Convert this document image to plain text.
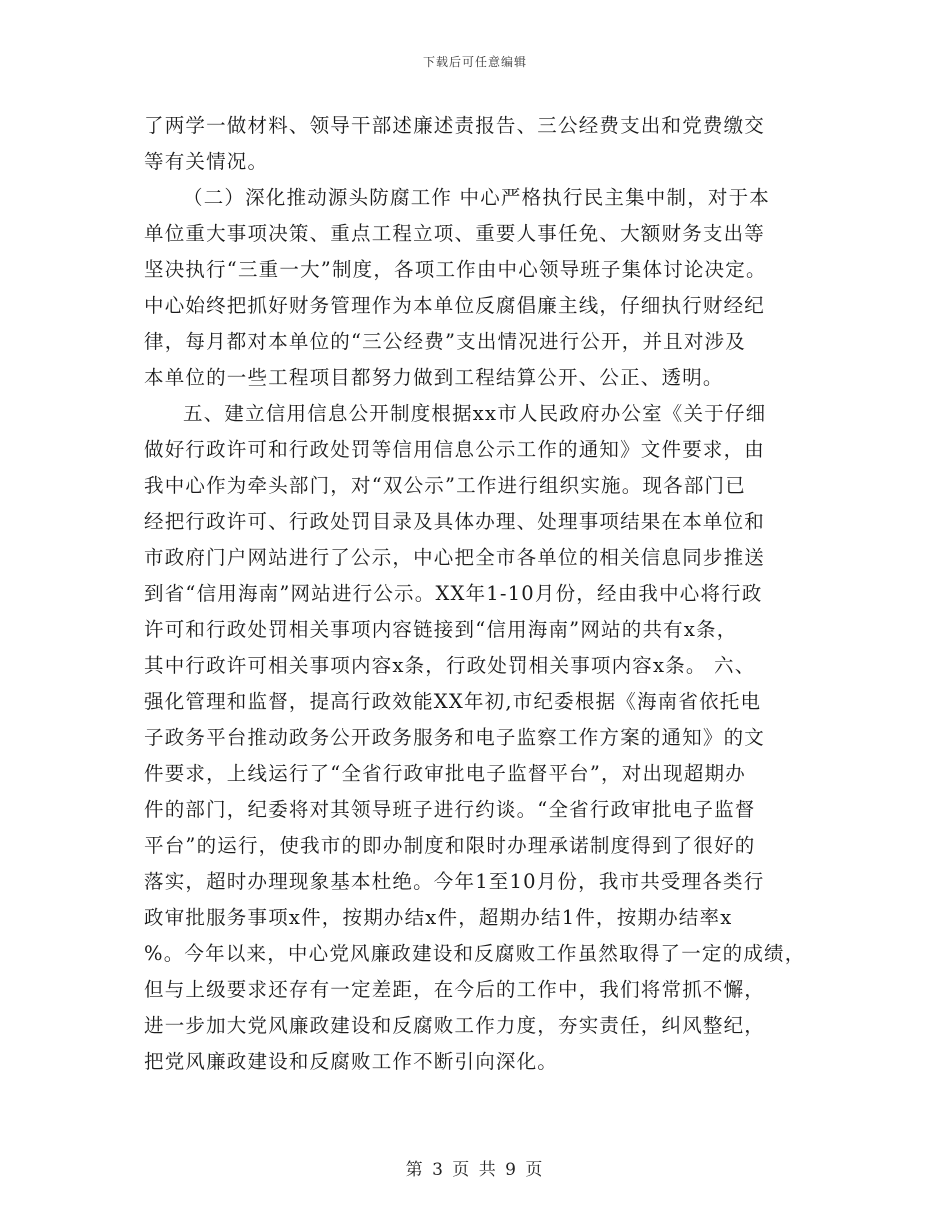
下载后可任意编辑
了两学一做材料、领导干部述廉述责报告、三公经费支出和党费缴交
等有关情况。
（二）深化推动源头防腐工作 中心严格执行民主集中制，对于本
单位重大事项决策、重点工程立项、重要人事任免、大额财务支出等
坚决执行“三重一大”制度，各项工作由中心领导班子集体讨论决定。
中心始终把抓好财务管理作为本单位反腐倡廉主线，仔细执行财经纪
律，每月都对本单位的“三公经费”支出情况进行公开，并且对涉及
本单位的一些工程项目都努力做到工程结算公开、公正、透明。
五、建立信用信息公开制度根据xx市人民政府办公室《关于仔细
做好行政许可和行政处罚等信用信息公示工作的通知》文件要求，由
我中心作为牵头部门，对“双公示”工作进行组织实施。现各部门已
经把行政许可、行政处罚目录及具体办理、处理事项结果在本单位和
市政府门户网站进行了公示，中心把全市各单位的相关信息同步推送
到省“信用海南”网站进行公示。XX年1-10月份，经由我中心将行政
许可和行政处罚相关事项内容链接到“信用海南”网站的共有x条，
其中行政许可相关事项内容x条，行政处罚相关事项内容x条。 六、
强化管理和监督，提高行政效能XX年初,市纪委根据《海南省依托电
子政务平台推动政务公开政务服务和电子监察工作方案的通知》的文
件要求，上线运行了“全省行政审批电子监督平台”，对出现超期办
件的部门，纪委将对其领导班子进行约谈。“全省行政审批电子监督
平台”的运行，使我市的即办制度和限时办理承诺制度得到了很好的
落实，超时办理现象基本杜绝。今年1至10月份，我市共受理各类行
政审批服务事项x件，按期办结x件，超期办结1件，按期办结率x
%。今年以来，中心党风廉政建设和反腐败工作虽然取得了一定的成绩，
但与上级要求还存有一定差距，在今后的工作中，我们将常抓不懈，
进一步加大党风廉政建设和反腐败工作力度，夯实责任，纠风整纪，
把党风廉政建设和反腐败工作不断引向深化。
第 3 页 共 9 页
